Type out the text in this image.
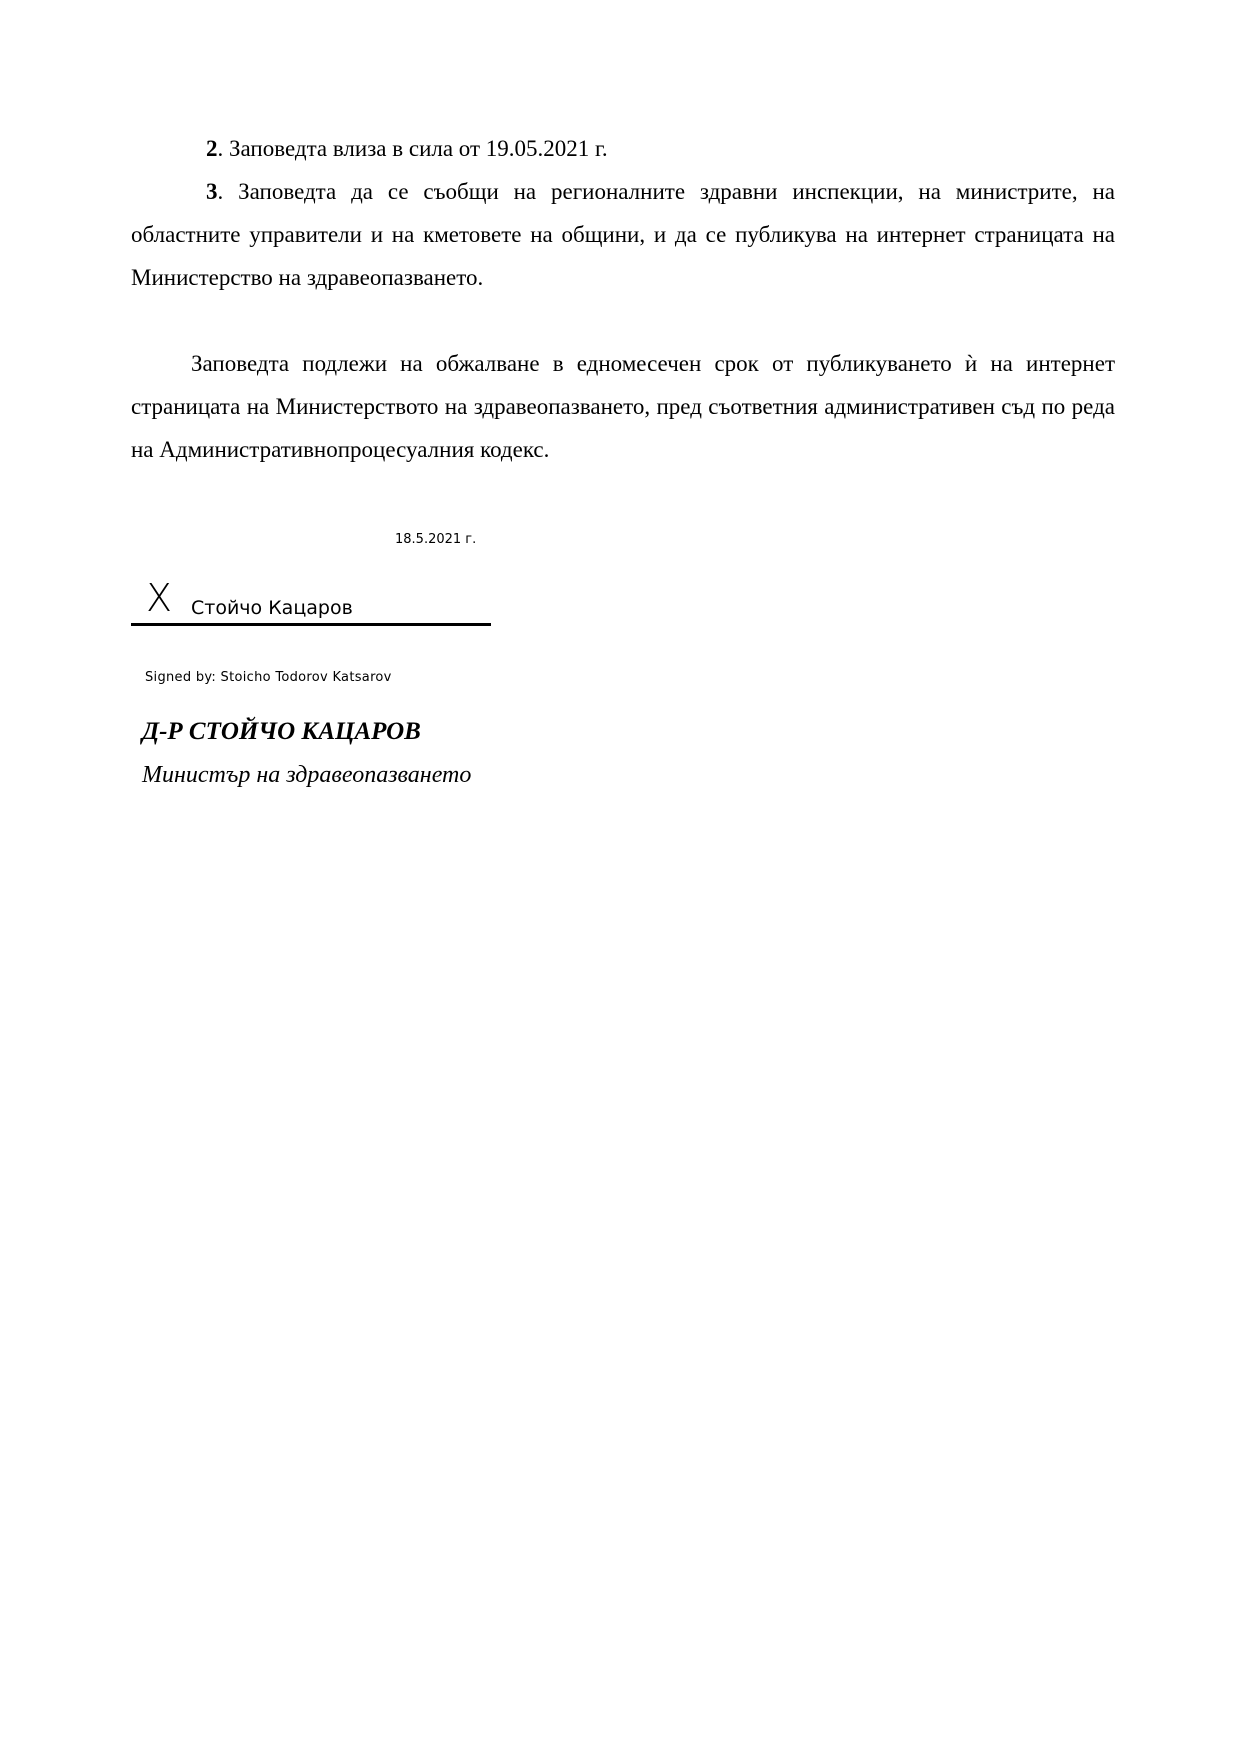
2. Заповедта влиза в сила от 19.05.2021 г.

3. Заповедта да се съобщи на регионалните здравни инспекции, на министрите, на областните управители и на кметовете на общини, и да се публикува на интернет страницата на Министерство на здравеопазването.

Заповедта подлежи на обжалване в едномесечен срок от публикуването ѝ на интернет страницата на Министерството на здравеопазването, пред съответния административен съд по реда на Административнопроцесуалния кодекс.

18.5.2021 г.
X Стойчо Кацаров
Signed by: Stoicho Todorov Katsarov
Д-Р СТОЙЧО КАЦАРОВ
Министър на здравеопазването
